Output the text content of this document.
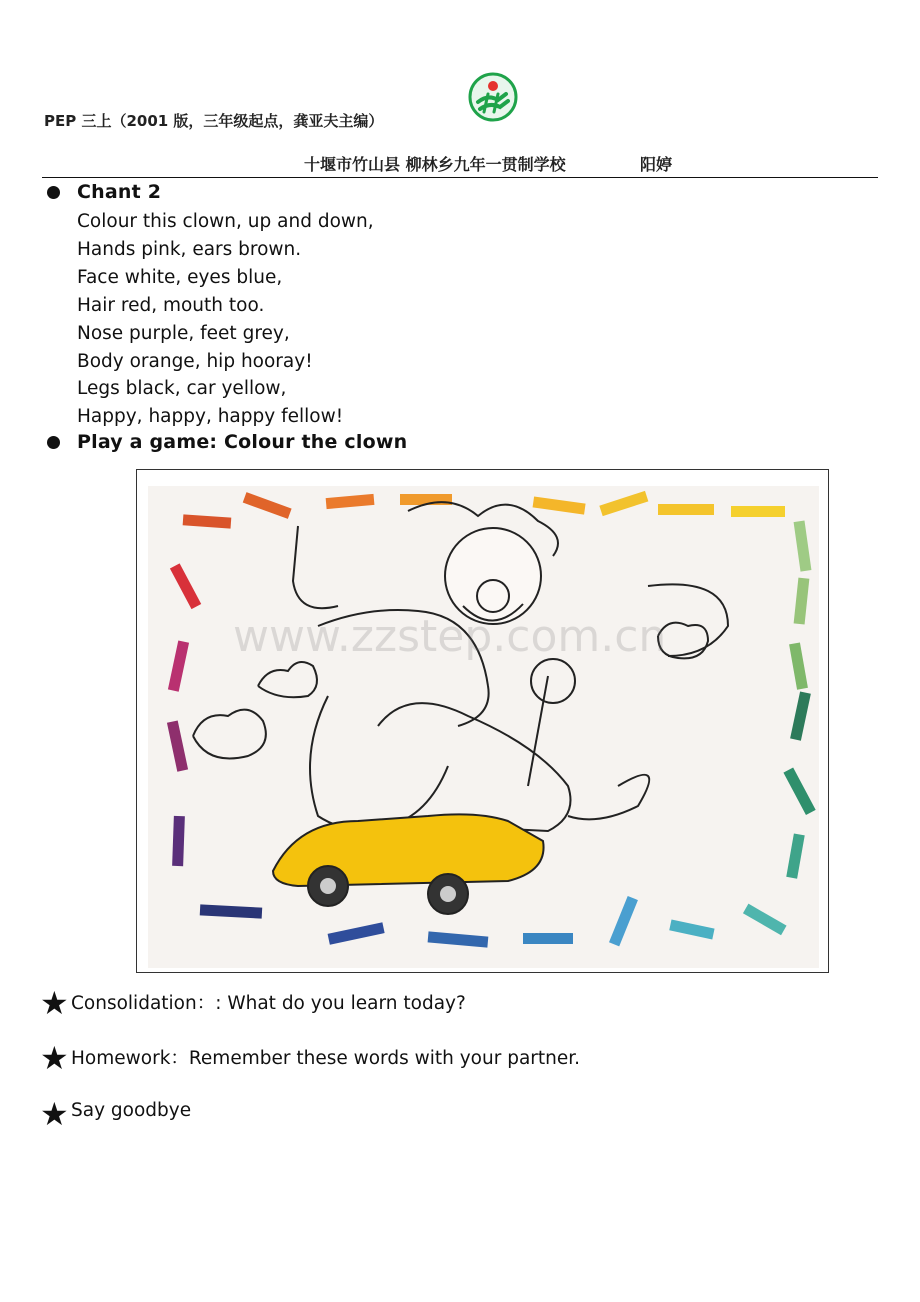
PEP 三上（2001 版，三年级起点，龚亚夫主编）
十堰市竹山县 柳林乡九年一贯制学校	阳婷
Chant 2
Colour this clown, up and down,
Hands pink, ears brown.
Face white, eyes blue,
Hair red, mouth too.
Nose purple, feet grey,
Body orange, hip hooray!
Legs black, car yellow,
Happy, happy, happy fellow!
Play a game: Colour the clown
www.zzstep.com.cn
★ Consolidation：: What do you learn today?
★ Homework：Remember these words with your partner.
★ Say goodbye
